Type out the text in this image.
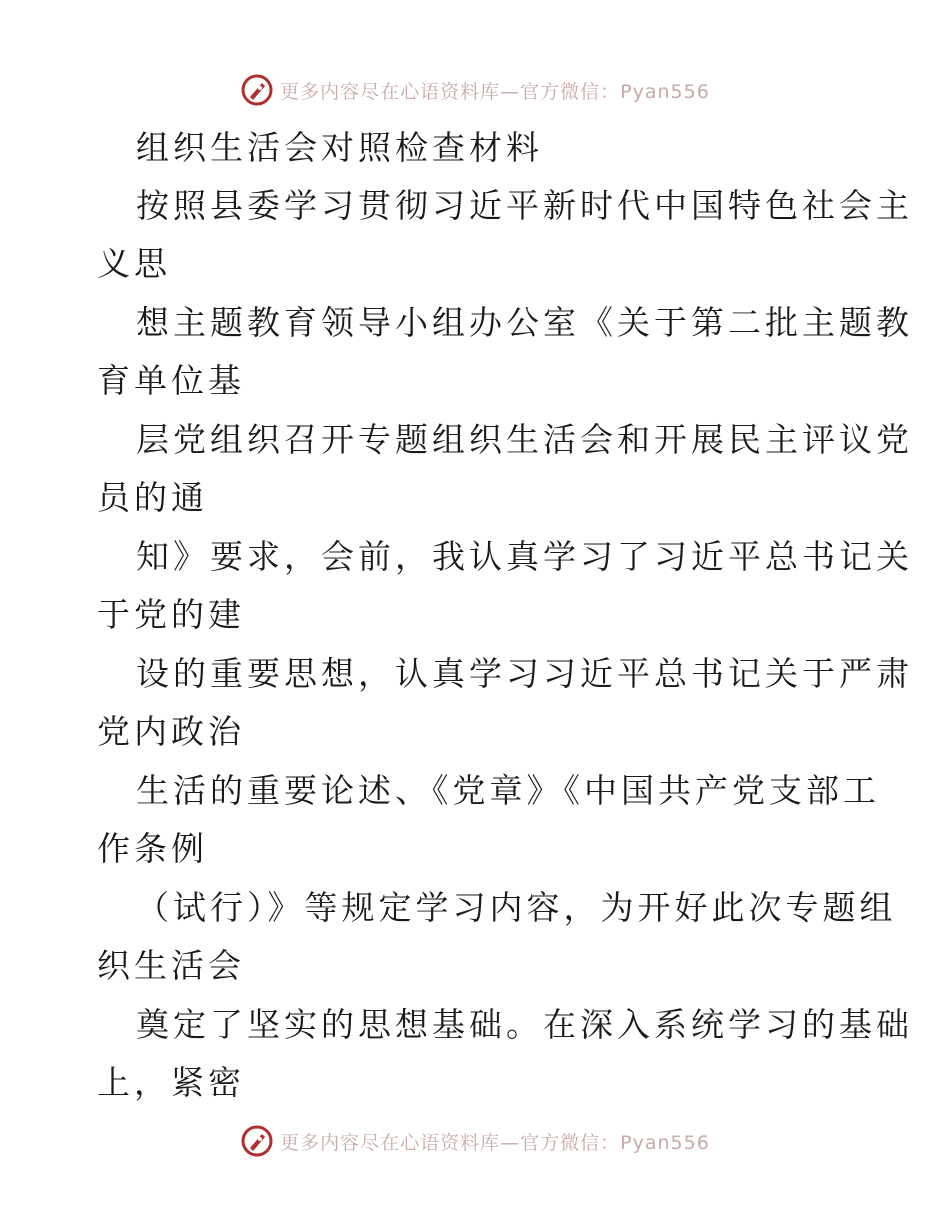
更多内容尽在心语资料库—官方微信：Pyan556
组织生活会对照检查材料
按照县委学习贯彻习近平新时代中国特色社会主
义思
想主题教育领导小组办公室《关于第二批主题教
育单位基
层党组织召开专题组织生活会和开展民主评议党
员的通
知》要求，会前，我认真学习了习近平总书记关
于党的建
设的重要思想，认真学习习近平总书记关于严肃
党内政治
生活的重要论述、《党章》《中国共产党支部工
作条例
（试行）》等规定学习内容，为开好此次专题组
织生活会
奠定了坚实的思想基础。在深入系统学习的基础
上，紧密
更多内容尽在心语资料库—官方微信：Pyan556
